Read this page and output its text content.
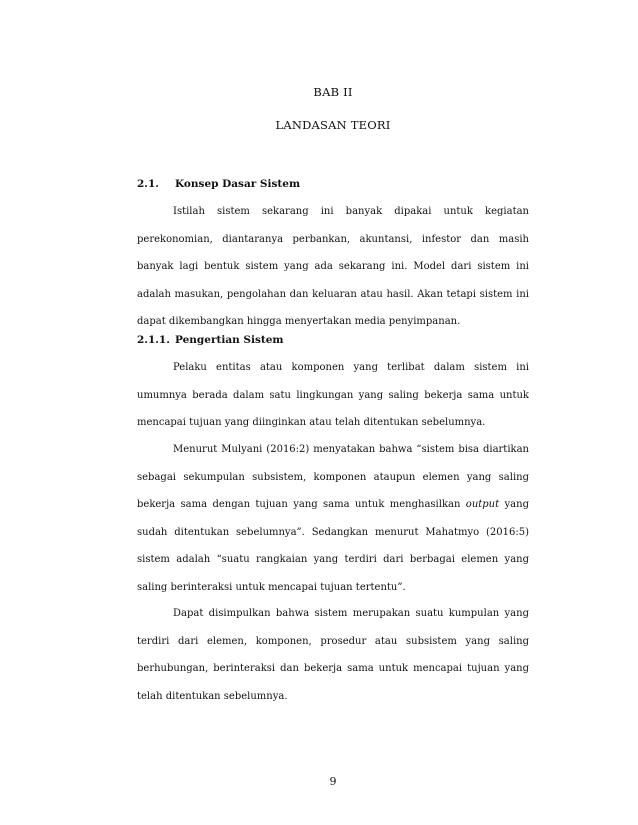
BAB II
LANDASAN TEORI
2.1. Konsep Dasar Sistem

Istilah sistem sekarang ini banyak dipakai untuk kegiatan perekonomian, diantaranya perbankan, akuntansi, infestor dan masih banyak lagi bentuk sistem yang ada sekarang ini. Model dari sistem ini adalah masukan, pengolahan dan keluaran atau hasil. Akan tetapi sistem ini dapat dikembangkan hingga menyertakan media penyimpanan.

2.1.1. Pengertian Sistem

Pelaku entitas atau komponen yang terlibat dalam sistem ini umumnya berada dalam satu lingkungan yang saling bekerja sama untuk mencapai tujuan yang diinginkan atau telah ditentukan sebelumnya.

Menurut Mulyani (2016:2) menyatakan bahwa “sistem bisa diartikan sebagai sekumpulan subsistem, komponen ataupun elemen yang saling bekerja sama dengan tujuan yang sama untuk menghasilkan output yang sudah ditentukan sebelumnya”. Sedangkan menurut Mahatmyo (2016:5) sistem adalah “suatu rangkaian yang terdiri dari berbagai elemen yang saling berinteraksi untuk mencapai tujuan tertentu”.

Dapat disimpulkan bahwa sistem merupakan suatu kumpulan yang terdiri dari elemen, komponen, prosedur atau subsistem yang saling berhubungan, berinteraksi dan bekerja sama untuk mencapai tujuan yang telah ditentukan sebelumnya.

9
